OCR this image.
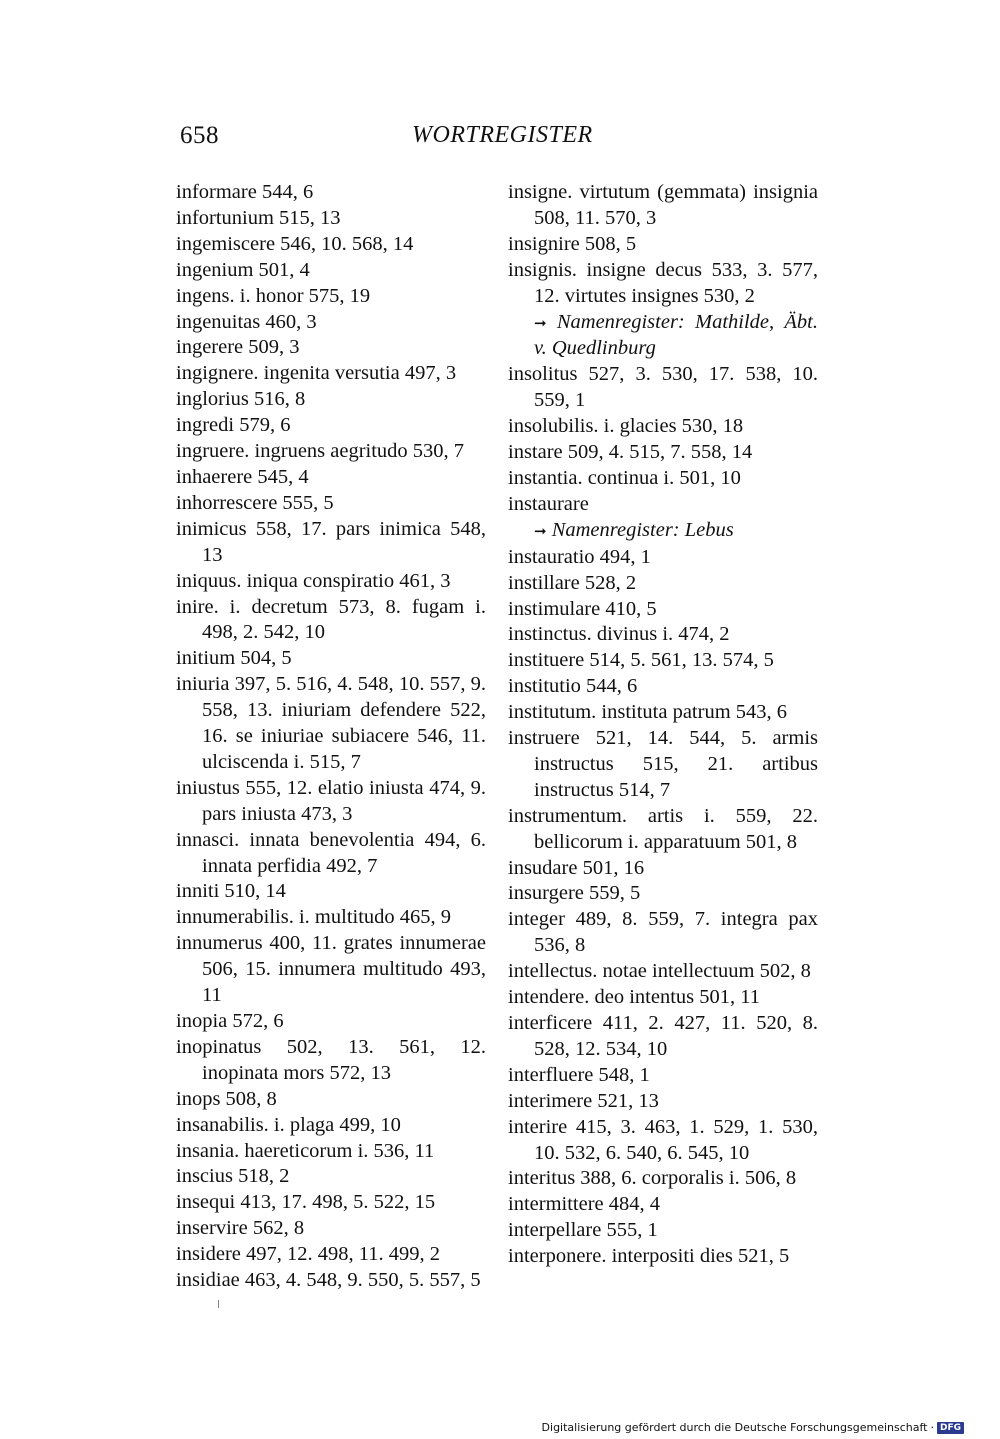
658	WORTREGISTER
informare 544, 6
infortunium 515, 13
ingemiscere 546, 10. 568, 14
ingenium 501, 4
ingens. i. honor 575, 19
ingenuitas 460, 3
ingerere 509, 3
ingignere. ingenita versutia 497, 3
inglorius 516, 8
ingredi 579, 6
ingruere. ingruens aegritudo 530, 7
inhaerere 545, 4
inhorrescere 555, 5
inimicus 558, 17. pars inimica 548, 13
iniquus. iniqua conspiratio 461, 3
inire. i. decretum 573, 8. fugam i. 498, 2. 542, 10
initium 504, 5
iniuria 397, 5. 516, 4. 548, 10. 557, 9. 558, 13. iniuriam defendere 522, 16. se iniuriae subiacere 546, 11. ulciscenda i. 515, 7
iniustus 555, 12. elatio iniusta 474, 9. pars iniusta 473, 3
innasci. innata benevolentia 494, 6. innata perfidia 492, 7
inniti 510, 14
innumerabilis. i. multitudo 465, 9
innumerus 400, 11. grates innumerae 506, 15. innumera multitudo 493, 11
inopia 572, 6
inopinatus 502, 13. 561, 12. inopinata mors 572, 13
inops 508, 8
insanabilis. i. plaga 499, 10
insania. haereticorum i. 536, 11
inscius 518, 2
insequi 413, 17. 498, 5. 522, 15
inservire 562, 8
insidere 497, 12. 498, 11. 499, 2
insidiae 463, 4. 548, 9. 550, 5. 557, 5
insigne. virtutum (gemmata) insignia 508, 11. 570, 3
insignire 508, 5
insignis. insigne decus 533, 3. 577, 12. virtutes insignes 530, 2
➞ Namenregister: Mathilde, Äbt. v. Quedlinburg
insolitus 527, 3. 530, 17. 538, 10. 559, 1
insolubilis. i. glacies 530, 18
instare 509, 4. 515, 7. 558, 14
instantia. continua i. 501, 10
instaurare
➞ Namenregister: Lebus
instauratio 494, 1
instillare 528, 2
instimulare 410, 5
instinctus. divinus i. 474, 2
instituere 514, 5. 561, 13. 574, 5
institutio 544, 6
institutum. instituta patrum 543, 6
instruere 521, 14. 544, 5. armis instructus 515, 21. artibus instructus 514, 7
instrumentum. artis i. 559, 22. bellicorum i. apparatuum 501, 8
insudare 501, 16
insurgere 559, 5
integer 489, 8. 559, 7. integra pax 536, 8
intellectus. notae intellectuum 502, 8
intendere. deo intentus 501, 11
interficere 411, 2. 427, 11. 520, 8. 528, 12. 534, 10
interfluere 548, 1
interimere 521, 13
interire 415, 3. 463, 1. 529, 1. 530, 10. 532, 6. 540, 6. 545, 10
interitus 388, 6. corporalis i. 506, 8
intermittere 484, 4
interpellare 555, 1
interponere. interpositi dies 521, 5
Digitalisierung gefördert durch die Deutsche Forschungsgemeinschaft · DFG
